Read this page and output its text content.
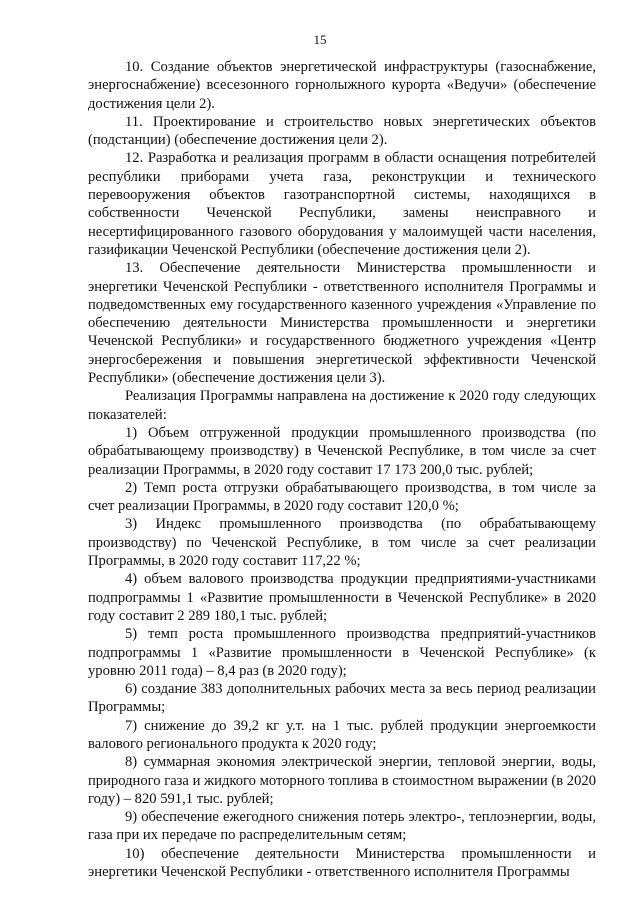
15

10. Создание объектов энергетической инфраструктуры (газоснабжение, энергоснабжение) всесезонного горнолыжного курорта «Ведучи» (обеспечение достижения цели 2).

11. Проектирование и строительство новых энергетических объектов (подстанции) (обеспечение достижения цели 2).

12. Разработка и реализация программ в области оснащения потребителей республики приборами учета газа, реконструкции и технического перевооружения объектов газотранспортной системы, находящихся в собственности Чеченской Республики, замены неисправного и несертифицированного газового оборудования у малоимущей части населения, газификации Чеченской Республики (обеспечение достижения цели 2).

13. Обеспечение деятельности Министерства промышленности и энергетики Чеченской Республики - ответственного исполнителя Программы и подведомственных ему государственного казенного учреждения «Управление по обеспечению деятельности Министерства промышленности и энергетики Чеченской Республики» и государственного бюджетного учреждения «Центр энергосбережения и повышения энергетической эффективности Чеченской Республики» (обеспечение достижения цели 3).

Реализация Программы направлена на достижение к 2020 году следующих показателей:

1) Объем отгруженной продукции промышленного производства (по обрабатывающему производству) в Чеченской Республике, в том числе за счет реализации Программы, в 2020 году составит 17 173 200,0 тыс. рублей;

2) Темп роста отгрузки обрабатывающего производства, в том числе за счет реализации Программы, в 2020 году составит 120,0 %;

3) Индекс промышленного производства (по обрабатывающему производству) по Чеченской Республике, в том числе за счет реализации Программы, в 2020 году составит 117,22 %;

4) объем валового производства продукции предприятиями-участниками подпрограммы 1 «Развитие промышленности в Чеченской Республике» в 2020 году составит 2 289 180,1 тыс. рублей;

5) темп роста промышленного производства предприятий-участников подпрограммы 1 «Развитие промышленности в Чеченской Республике» (к уровню 2011 года) – 8,4 раз (в 2020 году);

6) создание 383 дополнительных рабочих места за весь период реализации Программы;

7) снижение до 39,2 кг у.т. на 1 тыс. рублей продукции энергоемкости валового регионального продукта к 2020 году;

8) суммарная экономия электрической энергии, тепловой энергии, воды, природного газа и жидкого моторного топлива в стоимостном выражении (в 2020 году) – 820 591,1 тыс. рублей;

9) обеспечение ежегодного снижения потерь электро-, теплоэнергии, воды, газа при их передаче по распределительным сетям;

10) обеспечение деятельности Министерства промышленности и энергетики Чеченской Республики - ответственного исполнителя Программы
